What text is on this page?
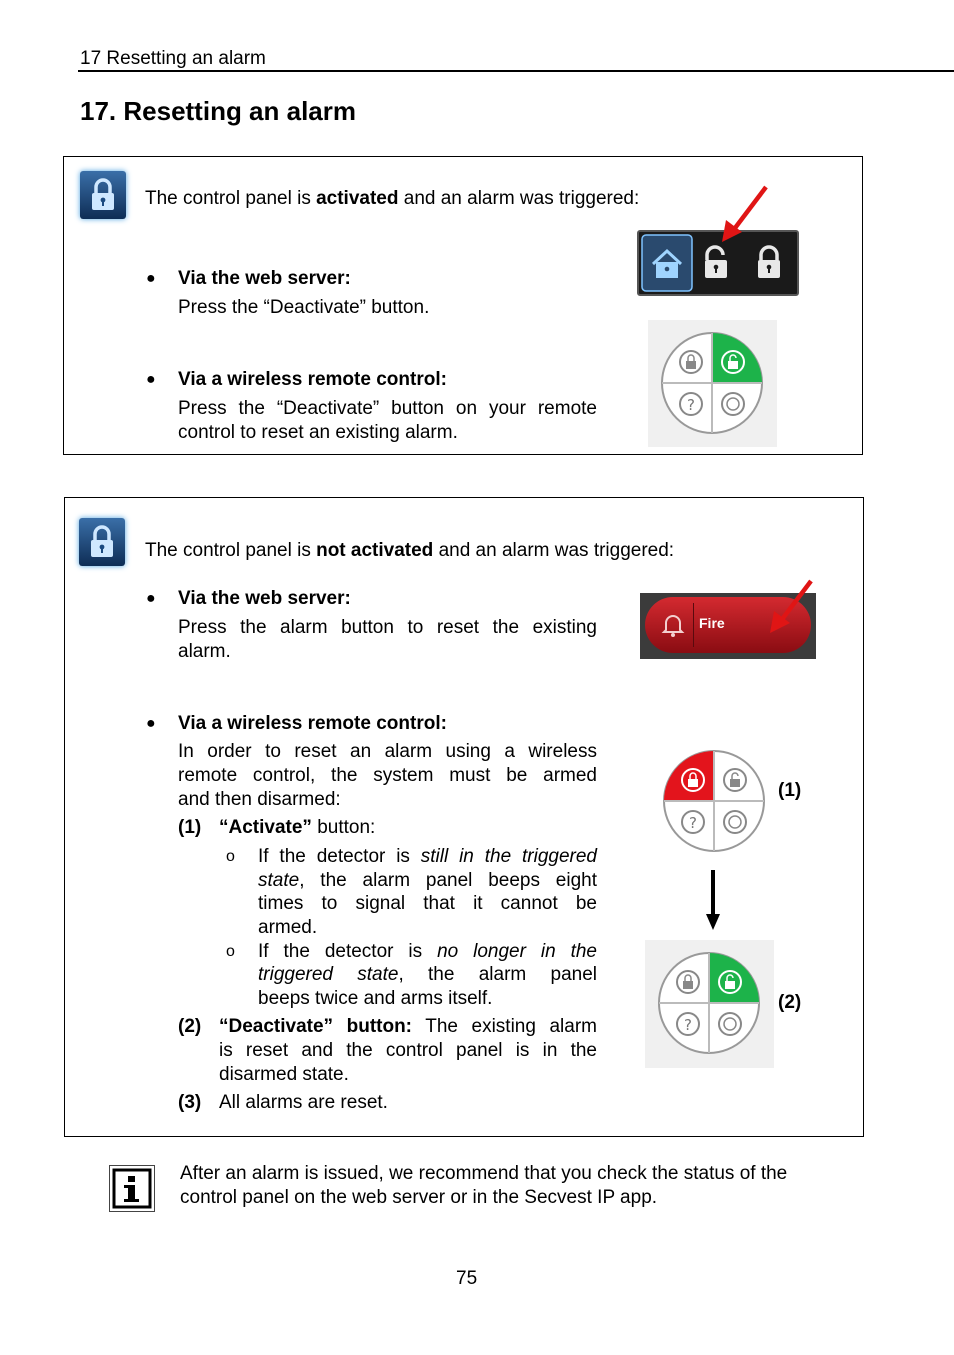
17 Resetting an alarm
17. Resetting an alarm
The control panel is activated and an alarm was triggered:
● Via the web server:
Press the “Deactivate” button.
● Via a wireless remote control:
Press the “Deactivate” button on your remote
control to reset an existing alarm.
?
The control panel is not activated and an alarm was triggered:
● Via the web server:
Press the alarm button to reset the existing
alarm.
Fire
● Via a wireless remote control:
In order to reset an alarm using a wireless
remote control, the system must be armed
and then disarmed:
(1) “Activate” button:
o If the detector is still in the triggered
state, the alarm panel beeps eight
times to signal that it cannot be
armed.
o If the detector is no longer in the
triggered state, the alarm panel
beeps twice and arms itself.
(2) “Deactivate” button: The existing alarm
is reset and the control panel is in the
disarmed state.
(3) All alarms are reset.
?
(1)
?
(2)
After an alarm is issued, we recommend that you check the status of the
control panel on the web server or in the Secvest IP app.
75
